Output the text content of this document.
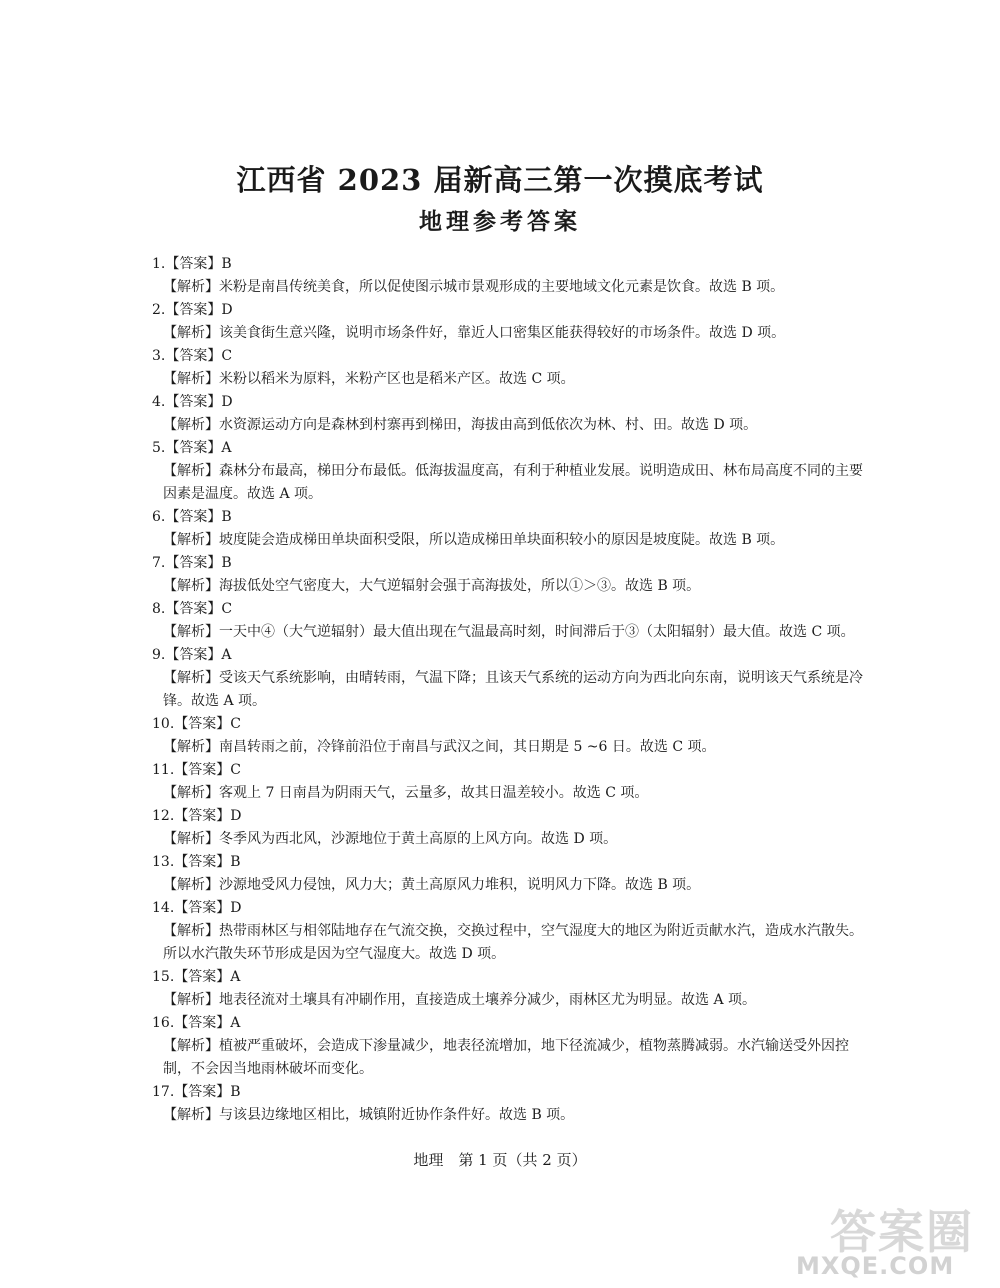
江西省 2023 届新高三第一次摸底考试
地理参考答案
1.【答案】B
【解析】米粉是南昌传统美食，所以促使图示城市景观形成的主要地域文化元素是饮食。故选 B 项。
2.【答案】D
【解析】该美食街生意兴隆，说明市场条件好，靠近人口密集区能获得较好的市场条件。故选 D 项。
3.【答案】C
【解析】米粉以稻米为原料，米粉产区也是稻米产区。故选 C 项。
4.【答案】D
【解析】水资源运动方向是森林到村寨再到梯田，海拔由高到低依次为林、村、田。故选 D 项。
5.【答案】A
【解析】森林分布最高，梯田分布最低。低海拔温度高，有利于种植业发展。说明造成田、林布局高度不同的主要
因素是温度。故选 A 项。
6.【答案】B
【解析】坡度陡会造成梯田单块面积受限，所以造成梯田单块面积较小的原因是坡度陡。故选 B 项。
7.【答案】B
【解析】海拔低处空气密度大，大气逆辐射会强于高海拔处，所以①＞③。故选 B 项。
8.【答案】C
【解析】一天中④（大气逆辐射）最大值出现在气温最高时刻，时间滞后于③（太阳辐射）最大值。故选 C 项。
9.【答案】A
【解析】受该天气系统影响，由晴转雨，气温下降；且该天气系统的运动方向为西北向东南，说明该天气系统是冷
锋。故选 A 项。
10.【答案】C
【解析】南昌转雨之前，冷锋前沿位于南昌与武汉之间，其日期是 5 ~6 日。故选 C 项。
11.【答案】C
【解析】客观上 7 日南昌为阴雨天气，云量多，故其日温差较小。故选 C 项。
12.【答案】D
【解析】冬季风为西北风，沙源地位于黄土高原的上风方向。故选 D 项。
13.【答案】B
【解析】沙源地受风力侵蚀，风力大；黄土高原风力堆积，说明风力下降。故选 B 项。
14.【答案】D
【解析】热带雨林区与相邻陆地存在气流交换，交换过程中，空气湿度大的地区为附近贡献水汽，造成水汽散失。
所以水汽散失环节形成是因为空气湿度大。故选 D 项。
15.【答案】A
【解析】地表径流对土壤具有冲刷作用，直接造成土壤养分减少，雨林区尤为明显。故选 A 项。
16.【答案】A
【解析】植被严重破坏，会造成下渗量减少，地表径流增加，地下径流减少，植物蒸腾减弱。水汽输送受外因控
制，不会因当地雨林破坏而变化。
17.【答案】B
【解析】与该县边缘地区相比，城镇附近协作条件好。故选 B 项。
地理　第 1 页（共 2 页）
答案圈
MXQE.COM
